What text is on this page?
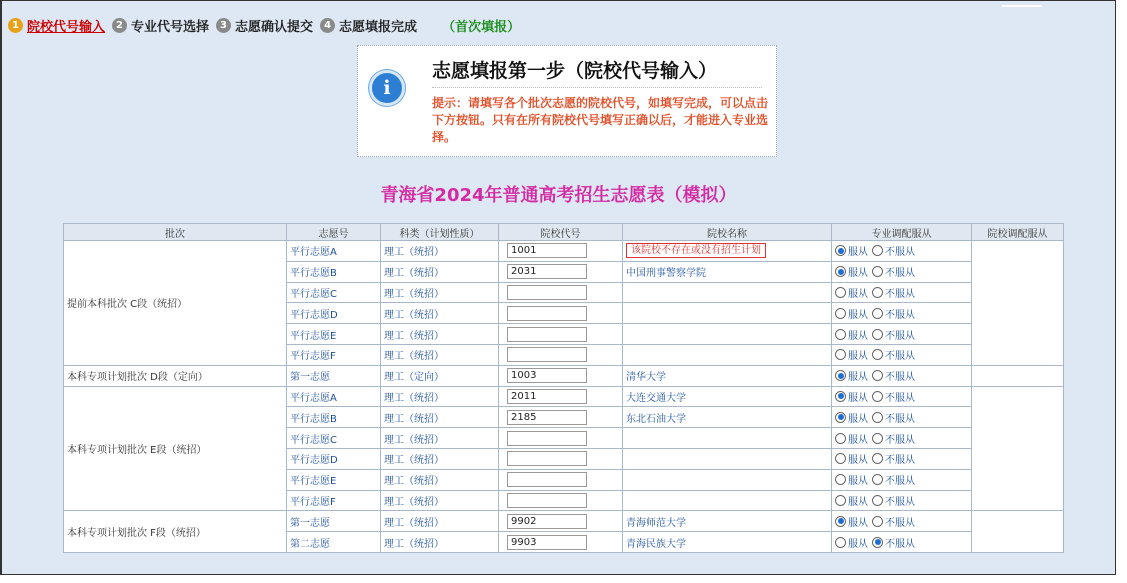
1 院校代号输入	2 专业代号选择	3 志愿确认提交	4 志愿填报完成 （首次填报）
i
志愿填报第一步（院校代号输入）
提示：请填写各个批次志愿的院校代号，如填写完成，可以点击下方按钮。只有在所有院校代号填写正确以后，才能进入专业选择。
青海省2024年普通高考招生志愿表（模拟）
批次	志愿号	科类（计划性质）	院校代号	院校名称	专业调配服从	院校调配服从
提前本科批次 C段（统招）	平行志愿A	理工（统招）	1001	该院校不存在或没有招生计划	服从 不服从	
	平行志愿B	理工（统招）	2031	中国刑事警察学院	服从 不服从	
	平行志愿C	理工（统招）			服从 不服从	
	平行志愿D	理工（统招）			服从 不服从	
	平行志愿E	理工（统招）			服从 不服从	
	平行志愿F	理工（统招）			服从 不服从	
本科专项计划批次 D段（定向）	第一志愿	理工（定向）	1003	清华大学	服从 不服从	
本科专项计划批次 E段（统招）	平行志愿A	理工（统招）	2011	大连交通大学	服从 不服从	
	平行志愿B	理工（统招）	2185	东北石油大学	服从 不服从	
	平行志愿C	理工（统招）			服从 不服从	
	平行志愿D	理工（统招）			服从 不服从	
	平行志愿E	理工（统招）			服从 不服从	
	平行志愿F	理工（统招）			服从 不服从	
本科专项计划批次 F段（统招）	第一志愿	理工（统招）	9902	青海师范大学	服从 不服从	
	第二志愿	理工（统招）	9903	青海民族大学	服从 不服从	
